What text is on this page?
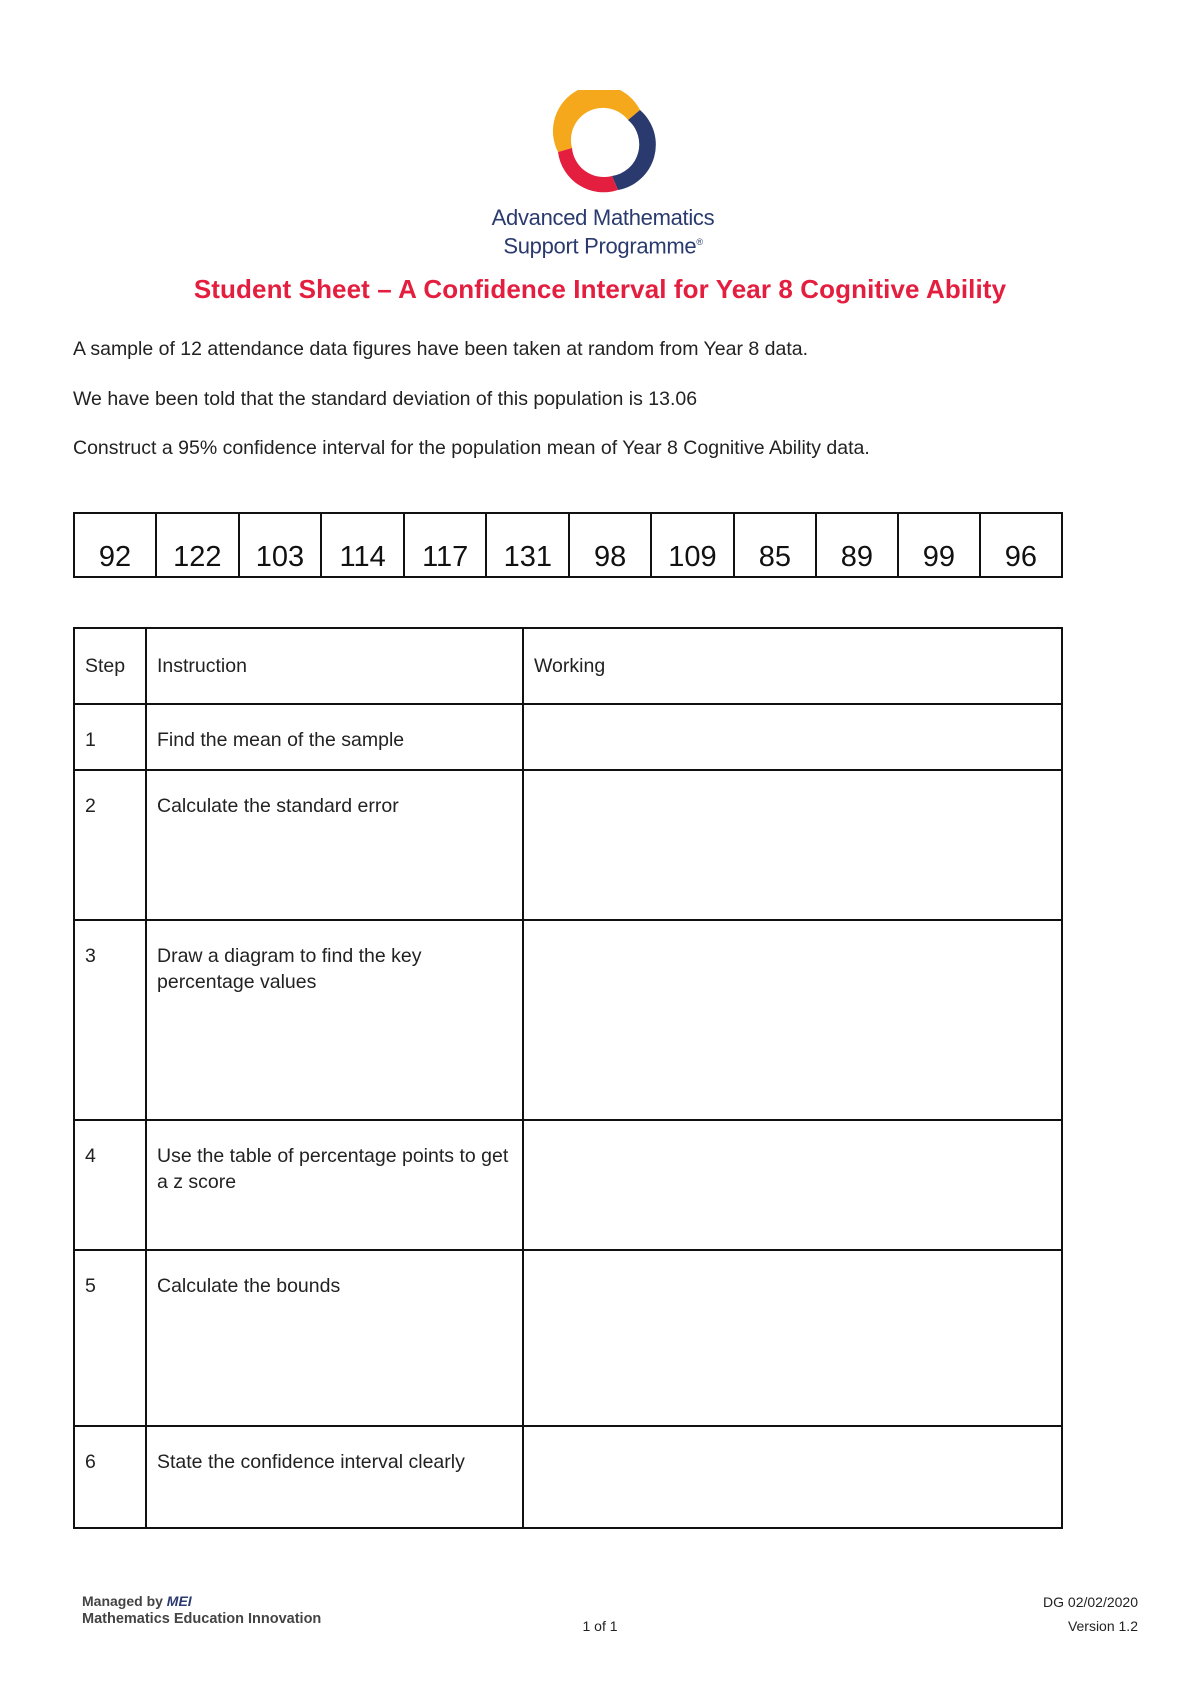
Advanced Mathematics
Support Programme®
Student Sheet – A Confidence Interval for Year 8 Cognitive Ability
A sample of 12 attendance data figures have been taken at random from Year 8 data.
We have been told that the standard deviation of this population is 13.06
Construct a 95% confidence interval for the population mean of Year 8 Cognitive Ability data.
92	122	103	114	117	131	98	109	85	89	99	96
Step	Instruction	Working
1	Find the mean of the sample	
2	Calculate the standard error	
3	Draw a diagram to find the key percentage values	
4	Use the table of percentage points to get a z score	
5	Calculate the bounds	
6	State the confidence interval clearly	
Managed by MEI
Mathematics Education Innovation	1 of 1
DG 02/02/2020
Version 1.2
